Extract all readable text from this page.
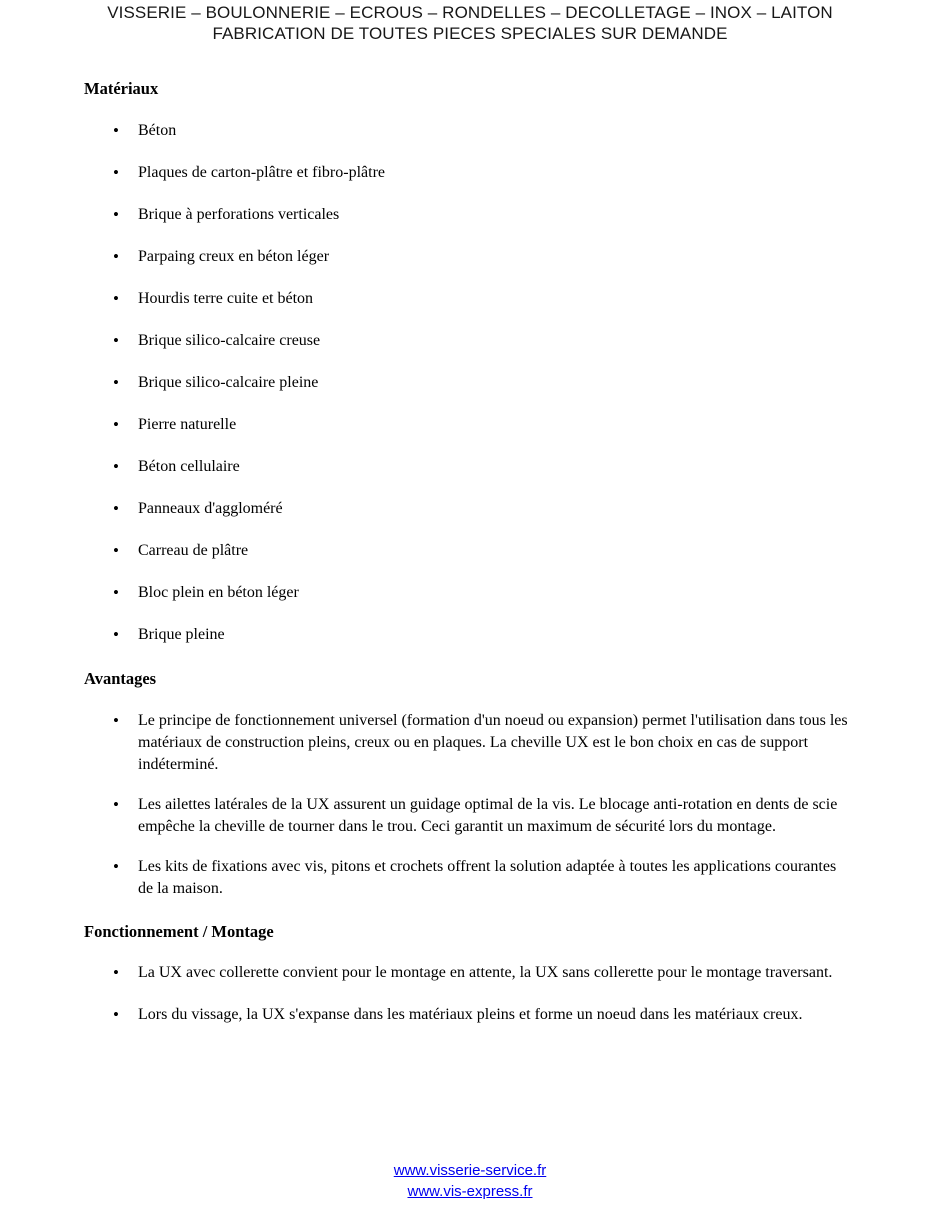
VISSERIE – BOULONNERIE – ECROUS – RONDELLES – DECOLLETAGE – INOX – LAITON
FABRICATION DE TOUTES PIECES SPECIALES SUR DEMANDE
Matériaux
• Béton
• Plaques de carton-plâtre et fibro-plâtre
• Brique à perforations verticales
• Parpaing creux en béton léger
• Hourdis terre cuite et béton
• Brique silico-calcaire creuse
• Brique silico-calcaire pleine
• Pierre naturelle
• Béton cellulaire
• Panneaux d'aggloméré
• Carreau de plâtre
• Bloc plein en béton léger
• Brique pleine
Avantages
• Le principe de fonctionnement universel (formation d'un noeud ou expansion) permet l'utilisation dans tous les matériaux de construction pleins, creux ou en plaques. La cheville UX est le bon choix en cas de support indéterminé.
• Les ailettes latérales de la UX assurent un guidage optimal de la vis. Le blocage anti-rotation en dents de scie empêche la cheville de tourner dans le trou. Ceci garantit un maximum de sécurité lors du montage.
• Les kits de fixations avec vis, pitons et crochets offrent la solution adaptée à toutes les applications courantes de la maison.
Fonctionnement / Montage
• La UX avec collerette convient pour le montage en attente, la UX sans collerette pour le montage traversant.
• Lors du vissage, la UX s'expanse dans les matériaux pleins et forme un noeud dans les matériaux creux.
www.visserie-service.fr
www.vis-express.fr
